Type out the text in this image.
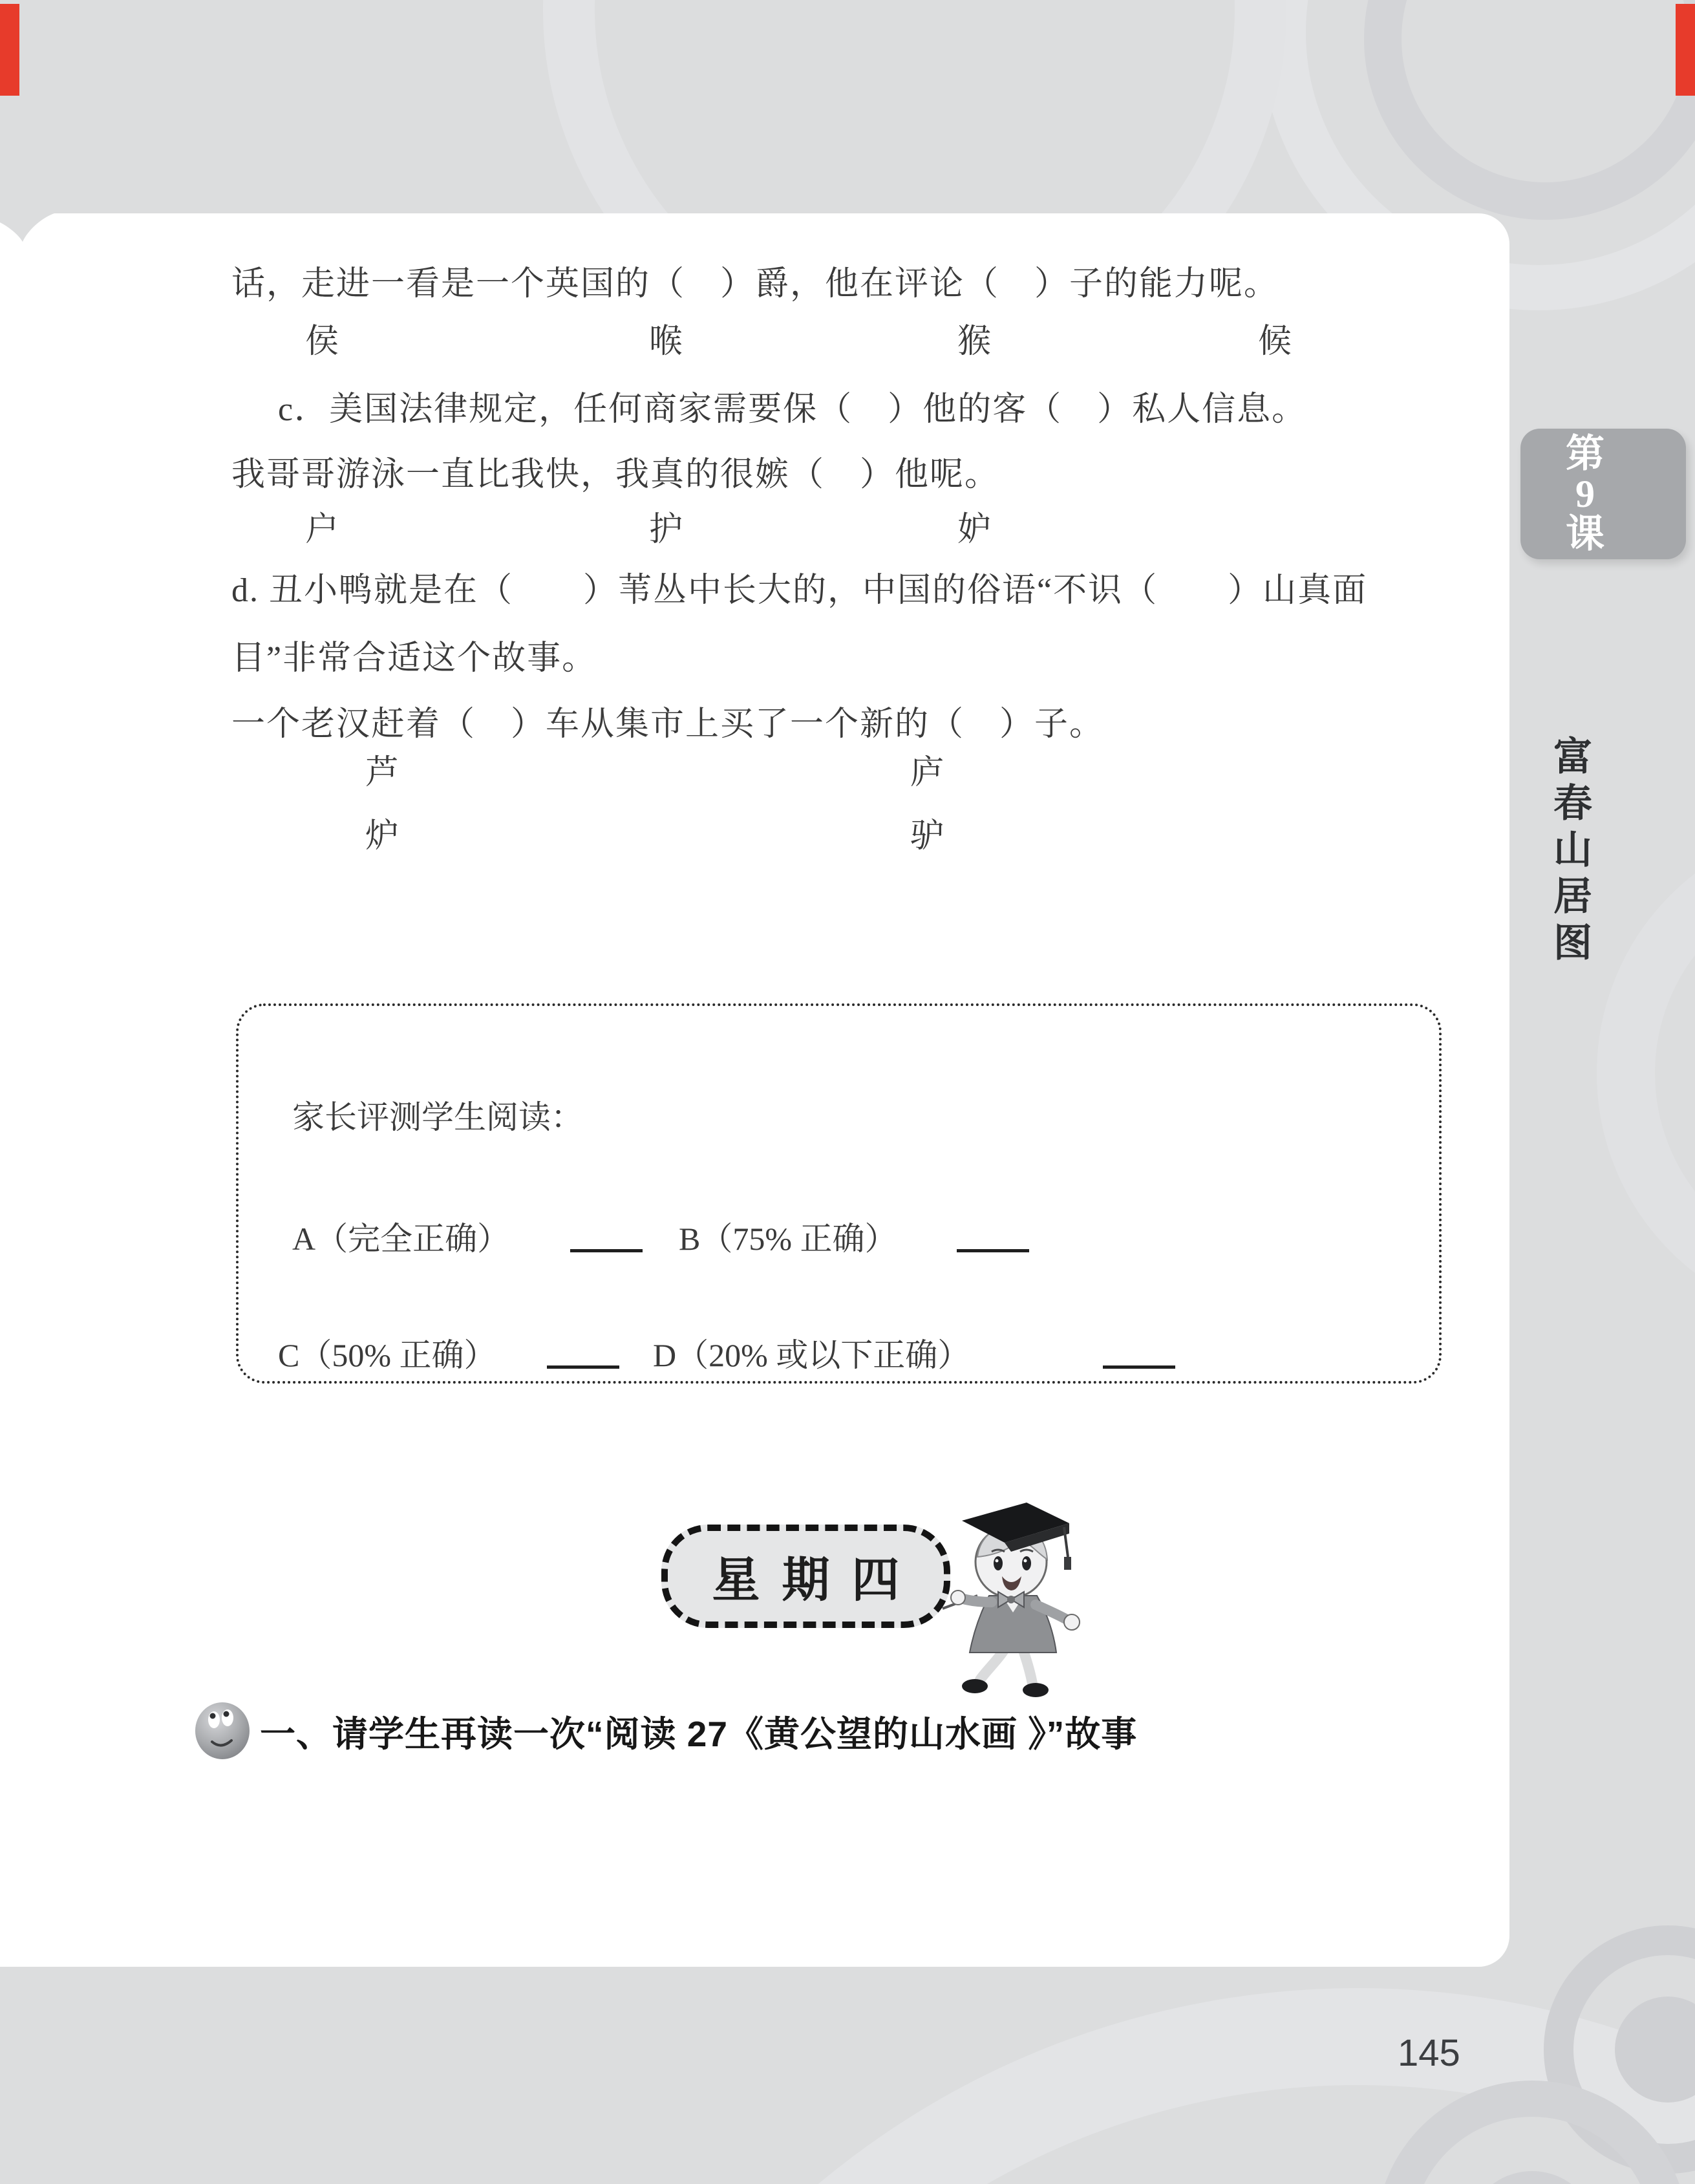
第
9
课
富春山居图
话，走进一看是一个英国的（　）爵，他在评论（　）子的能力呢。
侯	喉	猴	候
c．美国法律规定，任何商家需要保（　）他的客（　）私人信息。
我哥哥游泳一直比我快，我真的很嫉（　）他呢。
户	护	妒
d. 丑小鸭就是在（　　）苇丛中长大的，中国的俗语“不识（　　）山真面
目”非常合适这个故事。
一个老汉赶着（　）车从集市上买了一个新的（　）子。
芦	庐
炉	驴
家长评测学生阅读：
A（完全正确）	B（75% 正确）
C（50% 正确）	D（20% 或以下正确）
星期四
一、请学生再读一次“阅读 27《黄公望的山水画 》”故事
145
